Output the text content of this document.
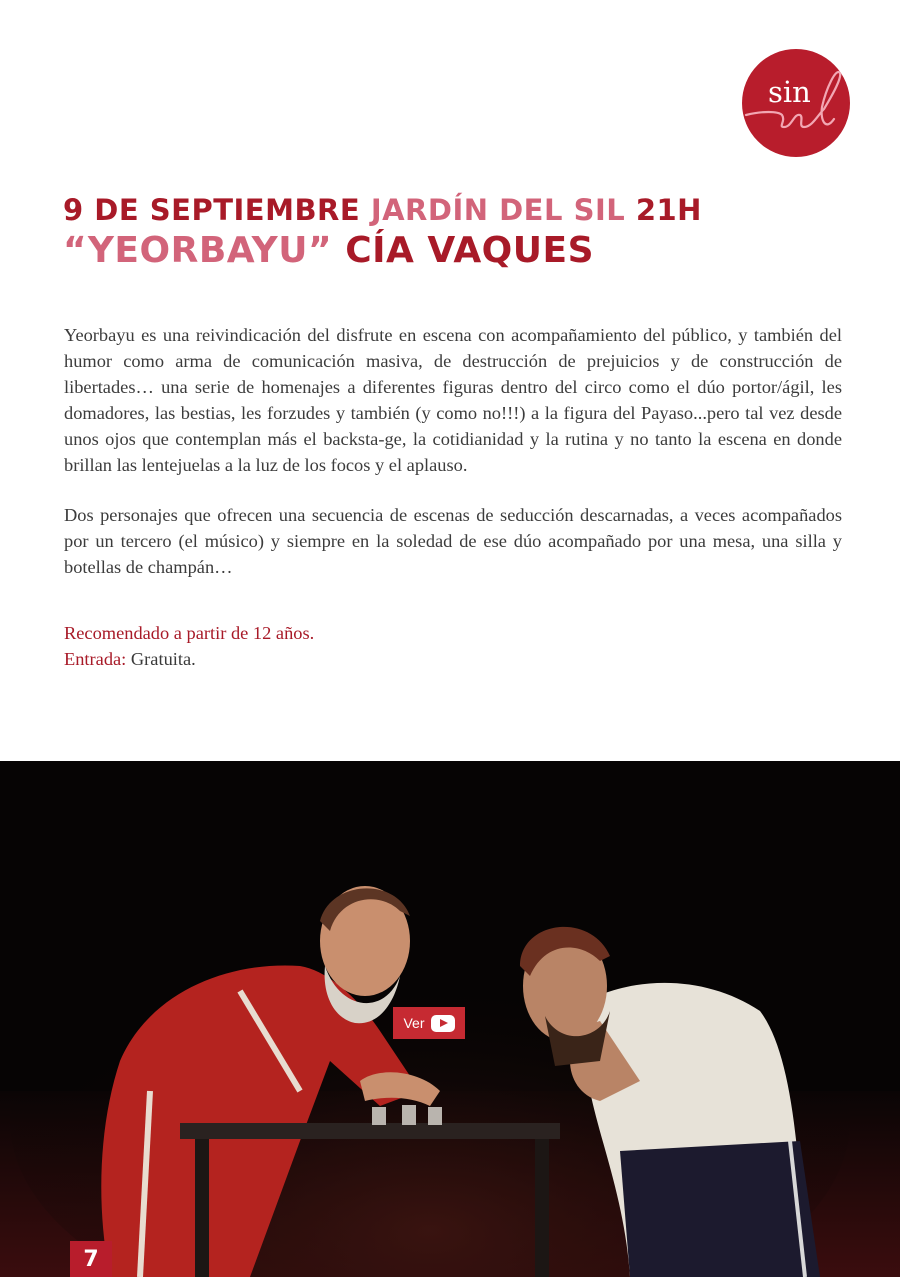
sin
9 DE SEPTIEMBRE JARDÍN DEL SIL 21H
“YEORBAYU” CÍA VAQUES

Yeorbayu es una reivindicación del disfrute en escena con acompañamiento del público, y también del humor como arma de comunicación masiva, de destrucción de prejuicios y de construcción de libertades… una serie de homenajes a diferentes figuras dentro del circo como el dúo portor/ágil, les domadores, las bestias, les forzudes y también (y como no!!!) a la figura del Payaso...pero tal vez desde unos ojos que contemplan más el backsta-ge, la cotidianidad y la rutina y no tanto la escena en donde brillan las lentejuelas a la luz de los focos y el aplauso.

Dos personajes que ofrecen una secuencia de escenas de seducción descarnadas, a veces acompañados por un tercero (el músico) y siempre en la soledad de ese dúo acompañado por una mesa, una silla y botellas de champán…

Recomendado a partir de 12 años.
Entrada: Gratuita.
Ver
7
